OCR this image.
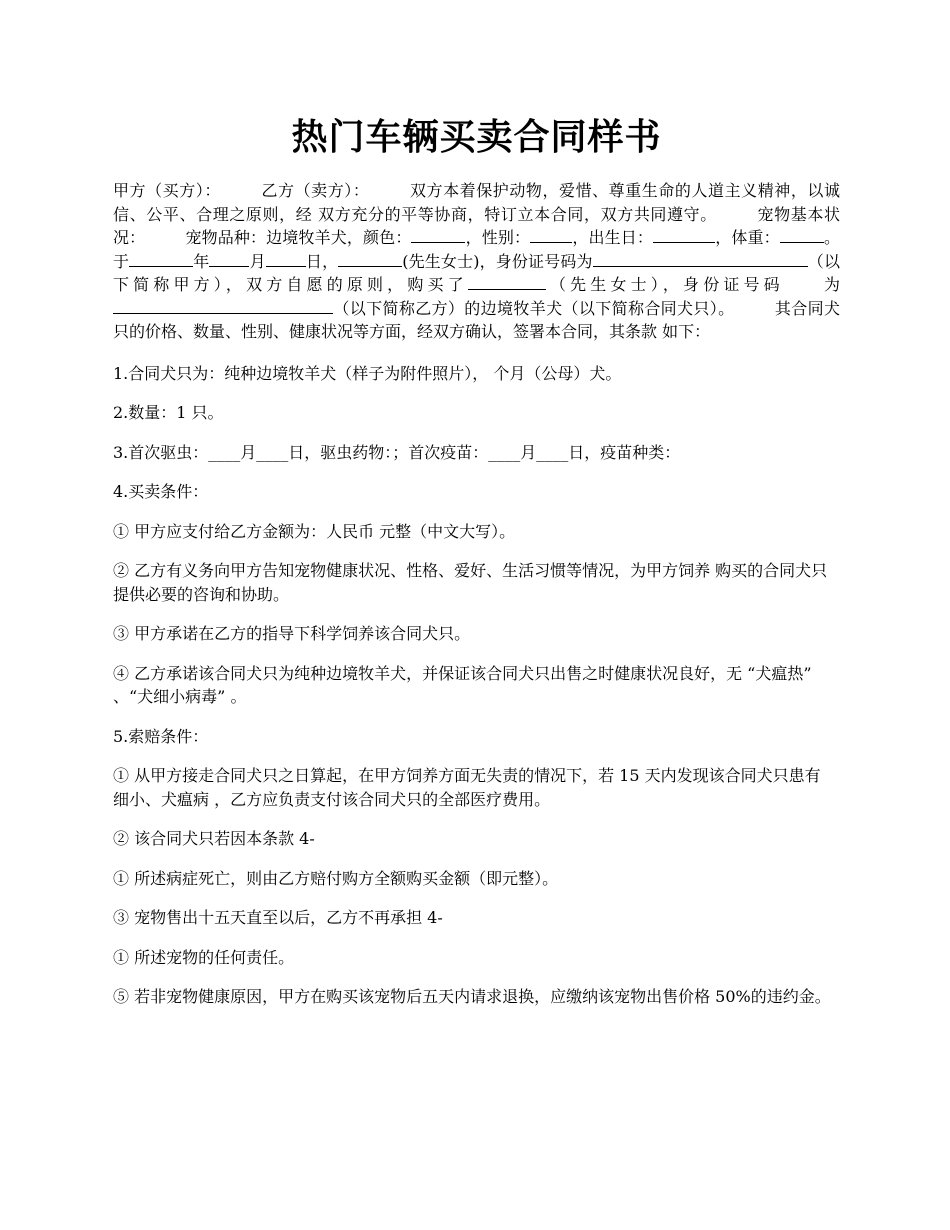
热门车辆买卖合同样书
甲方（买方）：	乙方（卖方）：	双方本着保护动物，爱惜、尊重生命的人道主义精神，以诚信、公平、合理之原则，经 双方充分的平等协商，特订立本合同，双方共同遵守。	宠物基本状况：	宠物品种：边境牧羊犬，颜色：	，性别：	，出生日：	，体重：	。 于	年	月	日，	(先生女士)，身份证号码为	（以 下简称甲方），双方自愿的原则，购买了	（先生女士），身份证号码 为（以下简称乙方）的边境牧羊犬（以下简称合同犬只）。	其合同犬只的价格、数量、性别、健康状况等方面，经双方确认，签署本合同，其条款 如下：
1.合同犬只为：纯种边境牧羊犬（样子为附件照片）， 个月（公母）犬。
2.数量：1 只。
3.首次驱虫：____月____日，驱虫药物：；首次疫苗：____月____日，疫苗种类：
4.买卖条件：
① 甲方应支付给乙方金额为：人民币 元整（中文大写）。
② 乙方有义务向甲方告知宠物健康状况、性格、爱好、生活习惯等情况，为甲方饲养 购买的合同犬只提供必要的咨询和协助。
③ 甲方承诺在乙方的指导下科学饲养该合同犬只。
④ 乙方承诺该合同犬只为纯种边境牧羊犬，并保证该合同犬只出售之时健康状况良好，无 “犬瘟热” 、“犬细小病毒” 。
5.索赔条件：
① 从甲方接走合同犬只之日算起，在甲方饲养方面无失责的情况下，若 15 天内发现该合同犬只患有 细小、犬瘟病 ，乙方应负责支付该合同犬只的全部医疗费用。
② 该合同犬只若因本条款 4-
① 所述病症死亡，则由乙方赔付购方全额购买金额（即元整）。
③ 宠物售出十五天直至以后，乙方不再承担 4-
① 所述宠物的任何责任。
⑤ 若非宠物健康原因，甲方在购买该宠物后五天内请求退换，应缴纳该宠物出售价格 50%的违约金。
